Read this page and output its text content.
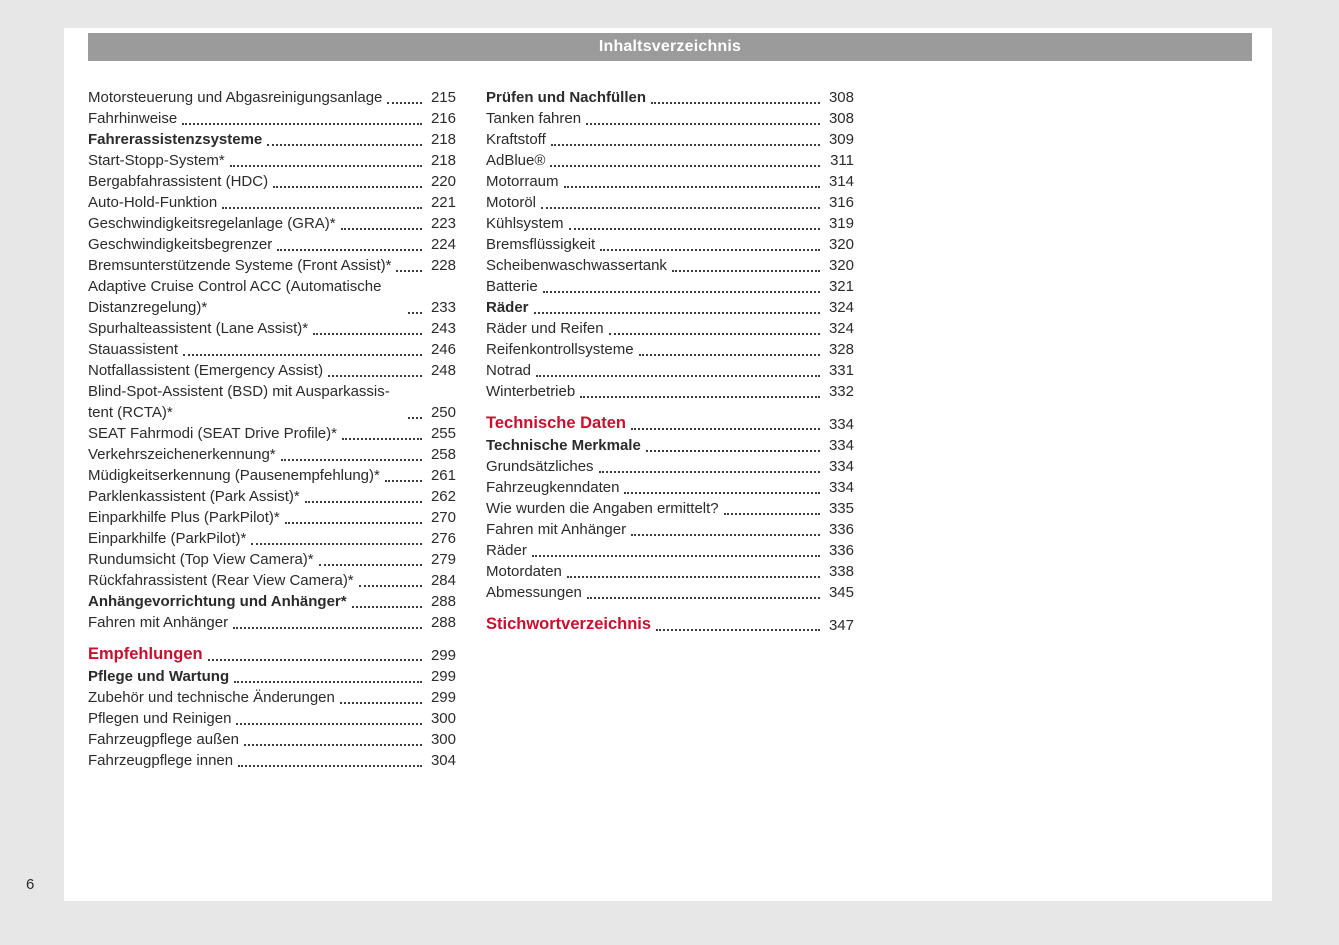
Inhaltsverzeichnis
Motorsteuerung und Abgasreinigungsanlage	215
Fahrhinweise	216
Fahrerassistenzsysteme	218
Start-Stopp-System*	218
Bergabfahrassistent (HDC)	220
Auto-Hold-Funktion	221
Geschwindigkeitsregelanlage (GRA)*	223
Geschwindigkeitsbegrenzer	224
Bremsunterstützende Systeme (Front Assist)*	228
Adaptive Cruise Control ACC (Automatische Distanzregelung)*	233
Spurhalteassistent (Lane Assist)*	243
Stauassistent	246
Notfallassistent (Emergency Assist)	248
Blind-Spot-Assistent (BSD) mit Ausparkassistent (RCTA)*	250
SEAT Fahrmodi (SEAT Drive Profile)*	255
Verkehrszeichenerkennung*	258
Müdigkeitserkennung (Pausenempfehlung)*	261
Parklenkassistent (Park Assist)*	262
Einparkhilfe Plus (ParkPilot)*	270
Einparkhilfe (ParkPilot)*	276
Rundumsicht (Top View Camera)*	279
Rückfahrassistent (Rear View Camera)*	284
Anhängevorrichtung und Anhänger*	288
Fahren mit Anhänger	288
Empfehlungen	299
Pflege und Wartung	299
Zubehör und technische Änderungen	299
Pflegen und Reinigen	300
Fahrzeugpflege außen	300
Fahrzeugpflege innen	304
Prüfen und Nachfüllen	308
Tanken fahren	308
Kraftstoff	309
AdBlue®	311
Motorraum	314
Motoröl	316
Kühlsystem	319
Bremsflüssigkeit	320
Scheibenwaschwassertank	320
Batterie	321
Räder	324
Räder und Reifen	324
Reifenkontrollsysteme	328
Notrad	331
Winterbetrieb	332
Technische Daten	334
Technische Merkmale	334
Grundsätzliches	334
Fahrzeugkenndaten	334
Wie wurden die Angaben ermittelt?	335
Fahren mit Anhänger	336
Räder	336
Motordaten	338
Abmessungen	345
Stichwortverzeichnis	347
6
